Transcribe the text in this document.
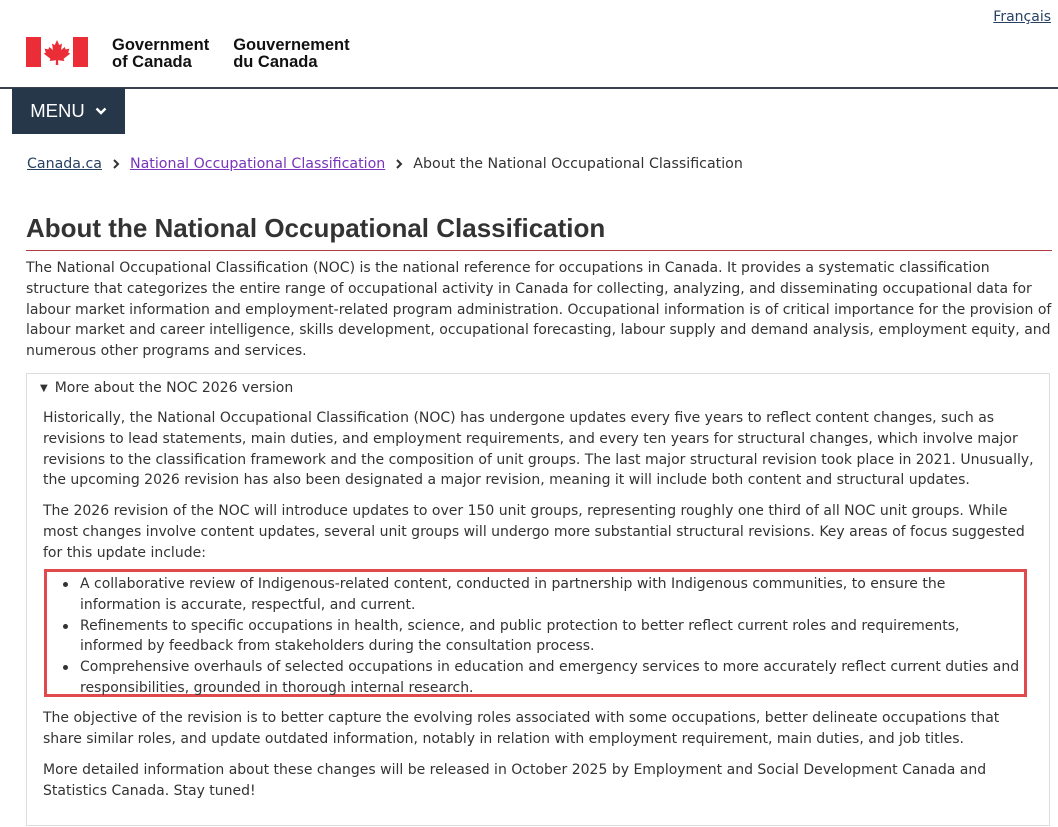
Français
Government
of Canada
Gouvernement
du Canada
MENU
Canada.ca National Occupational Classification About the National Occupational Classification
About the National Occupational Classification

The National Occupational Classification (NOC) is the national reference for occupations in Canada. It provides a systematic classification structure that categorizes the entire range of occupational activity in Canada for collecting, analyzing, and disseminating occupational data for labour market information and employment-related program administration. Occupational information is of critical importance for the provision of labour market and career intelligence, skills development, occupational forecasting, labour supply and demand analysis, employment equity, and numerous other programs and services.

▼ More about the NOC 2026 version

Historically, the National Occupational Classification (NOC) has undergone updates every five years to reflect content changes, such as revisions to lead statements, main duties, and employment requirements, and every ten years for structural changes, which involve major revisions to the classification framework and the composition of unit groups. The last major structural revision took place in 2021. Unusually, the upcoming 2026 revision has also been designated a major revision, meaning it will include both content and structural updates.

The 2026 revision of the NOC will introduce updates to over 150 unit groups, representing roughly one third of all NOC unit groups. While most changes involve content updates, several unit groups will undergo more substantial structural revisions. Key areas of focus suggested for this update include:

A collaborative review of Indigenous-related content, conducted in partnership with Indigenous communities, to ensure the information is accurate, respectful, and current.
Refinements to specific occupations in health, science, and public protection to better reflect current roles and requirements, informed by feedback from stakeholders during the consultation process.
Comprehensive overhauls of selected occupations in education and emergency services to more accurately reflect current duties and responsibilities, grounded in thorough internal research.

The objective of the revision is to better capture the evolving roles associated with some occupations, better delineate occupations that share similar roles, and update outdated information, notably in relation with employment requirement, main duties, and job titles.

More detailed information about these changes will be released in October 2025 by Employment and Social Development Canada and Statistics Canada. Stay tuned!
